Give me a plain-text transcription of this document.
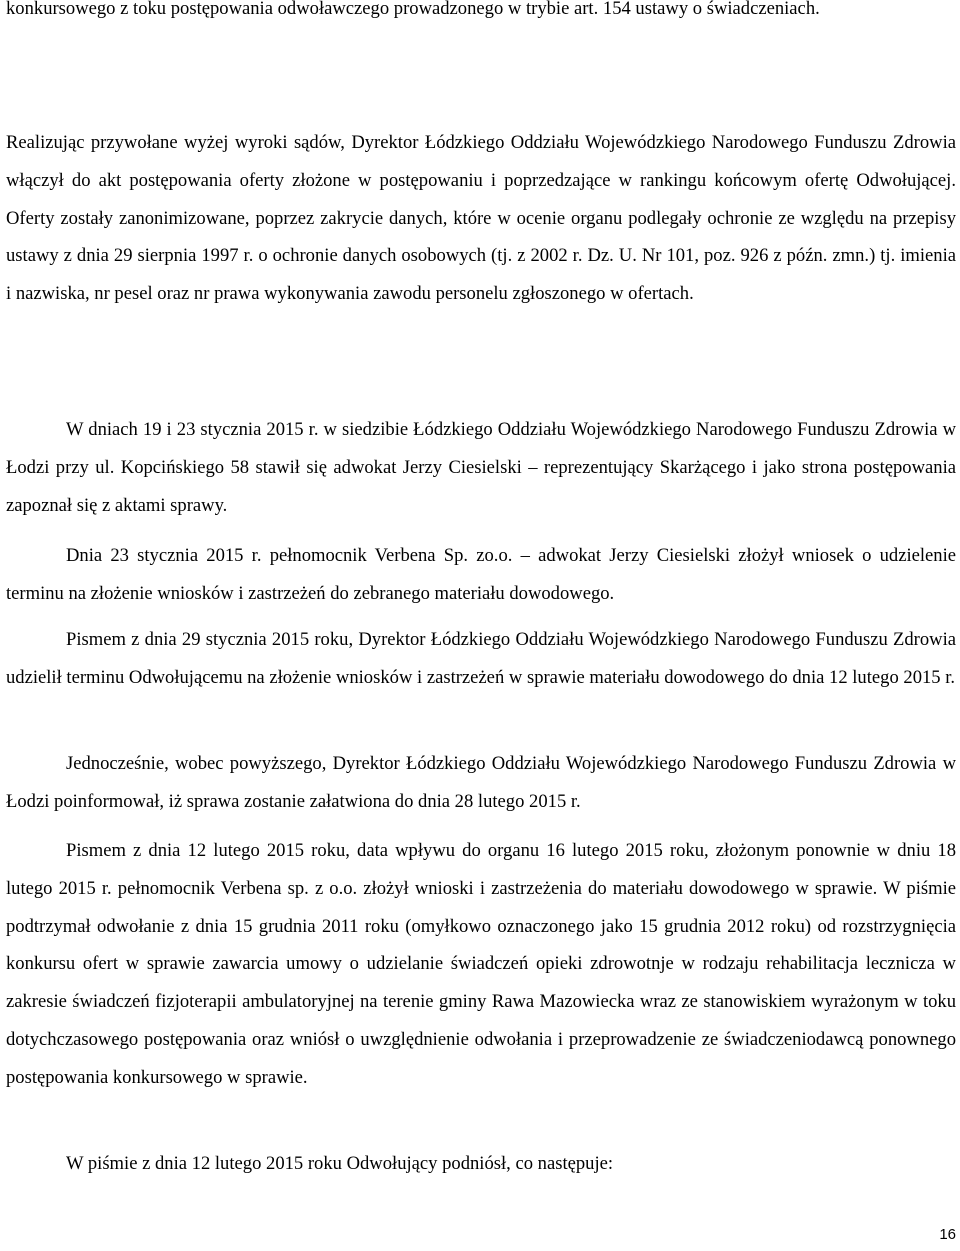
konkursowego z toku postępowania odwoławczego prowadzonego w trybie art. 154 ustawy o świadczeniach.

Realizując przywołane wyżej wyroki sądów, Dyrektor Łódzkiego Oddziału Wojewódzkiego Narodowego Funduszu Zdrowia włączył do akt postępowania oferty złożone w postępowaniu i poprzedzające w rankingu końcowym ofertę Odwołującej. Oferty zostały zanonimizowane, poprzez zakrycie danych, które w ocenie organu podlegały ochronie ze względu na przepisy ustawy z dnia 29 sierpnia 1997 r. o ochronie danych osobowych (tj. z 2002 r. Dz. U. Nr 101, poz. 926 z późn. zmn.) tj. imienia i nazwiska, nr pesel oraz nr prawa wykonywania zawodu personelu zgłoszonego w ofertach.

W dniach 19 i 23 stycznia 2015 r. w siedzibie Łódzkiego Oddziału Wojewódzkiego Narodowego Funduszu Zdrowia w Łodzi przy ul. Kopcińskiego 58 stawił się adwokat Jerzy Ciesielski – reprezentujący Skarżącego i jako strona postępowania zapoznał się z aktami sprawy.

Dnia 23 stycznia 2015 r. pełnomocnik Verbena Sp. zo.o. – adwokat Jerzy Ciesielski złożył wniosek o udzielenie terminu na złożenie wniosków i zastrzeżeń do zebranego materiału dowodowego.

Pismem z dnia 29 stycznia 2015 roku, Dyrektor Łódzkiego Oddziału Wojewódzkiego Narodowego Funduszu Zdrowia udzielił terminu Odwołującemu na złożenie wniosków i zastrzeżeń w sprawie materiału dowodowego do dnia 12 lutego 2015 r.

Jednocześnie, wobec powyższego, Dyrektor Łódzkiego Oddziału Wojewódzkiego Narodowego Funduszu Zdrowia w Łodzi poinformował, iż sprawa zostanie załatwiona do dnia 28 lutego 2015 r.

Pismem z dnia 12 lutego 2015 roku, data wpływu do organu 16 lutego 2015 roku, złożonym ponownie w dniu 18 lutego 2015 r. pełnomocnik Verbena sp. z o.o. złożył wnioski i zastrzeżenia do materiału dowodowego w sprawie. W piśmie podtrzymał odwołanie z dnia 15 grudnia 2011 roku (omyłkowo oznaczonego jako 15 grudnia 2012 roku) od rozstrzygnięcia konkursu ofert w sprawie zawarcia umowy o udzielanie świadczeń opieki zdrowotnje w rodzaju rehabilitacja lecznicza w zakresie świadczeń fizjoterapii ambulatoryjnej na terenie gminy Rawa Mazowiecka wraz ze stanowiskiem wyrażonym w toku dotychczasowego postępowania oraz wniósł o uwzględnienie odwołania i przeprowadzenie ze świadczeniodawcą ponownego postępowania konkursowego w sprawie.

W piśmie z dnia 12 lutego 2015 roku Odwołujący podniósł, co następuje:

16
